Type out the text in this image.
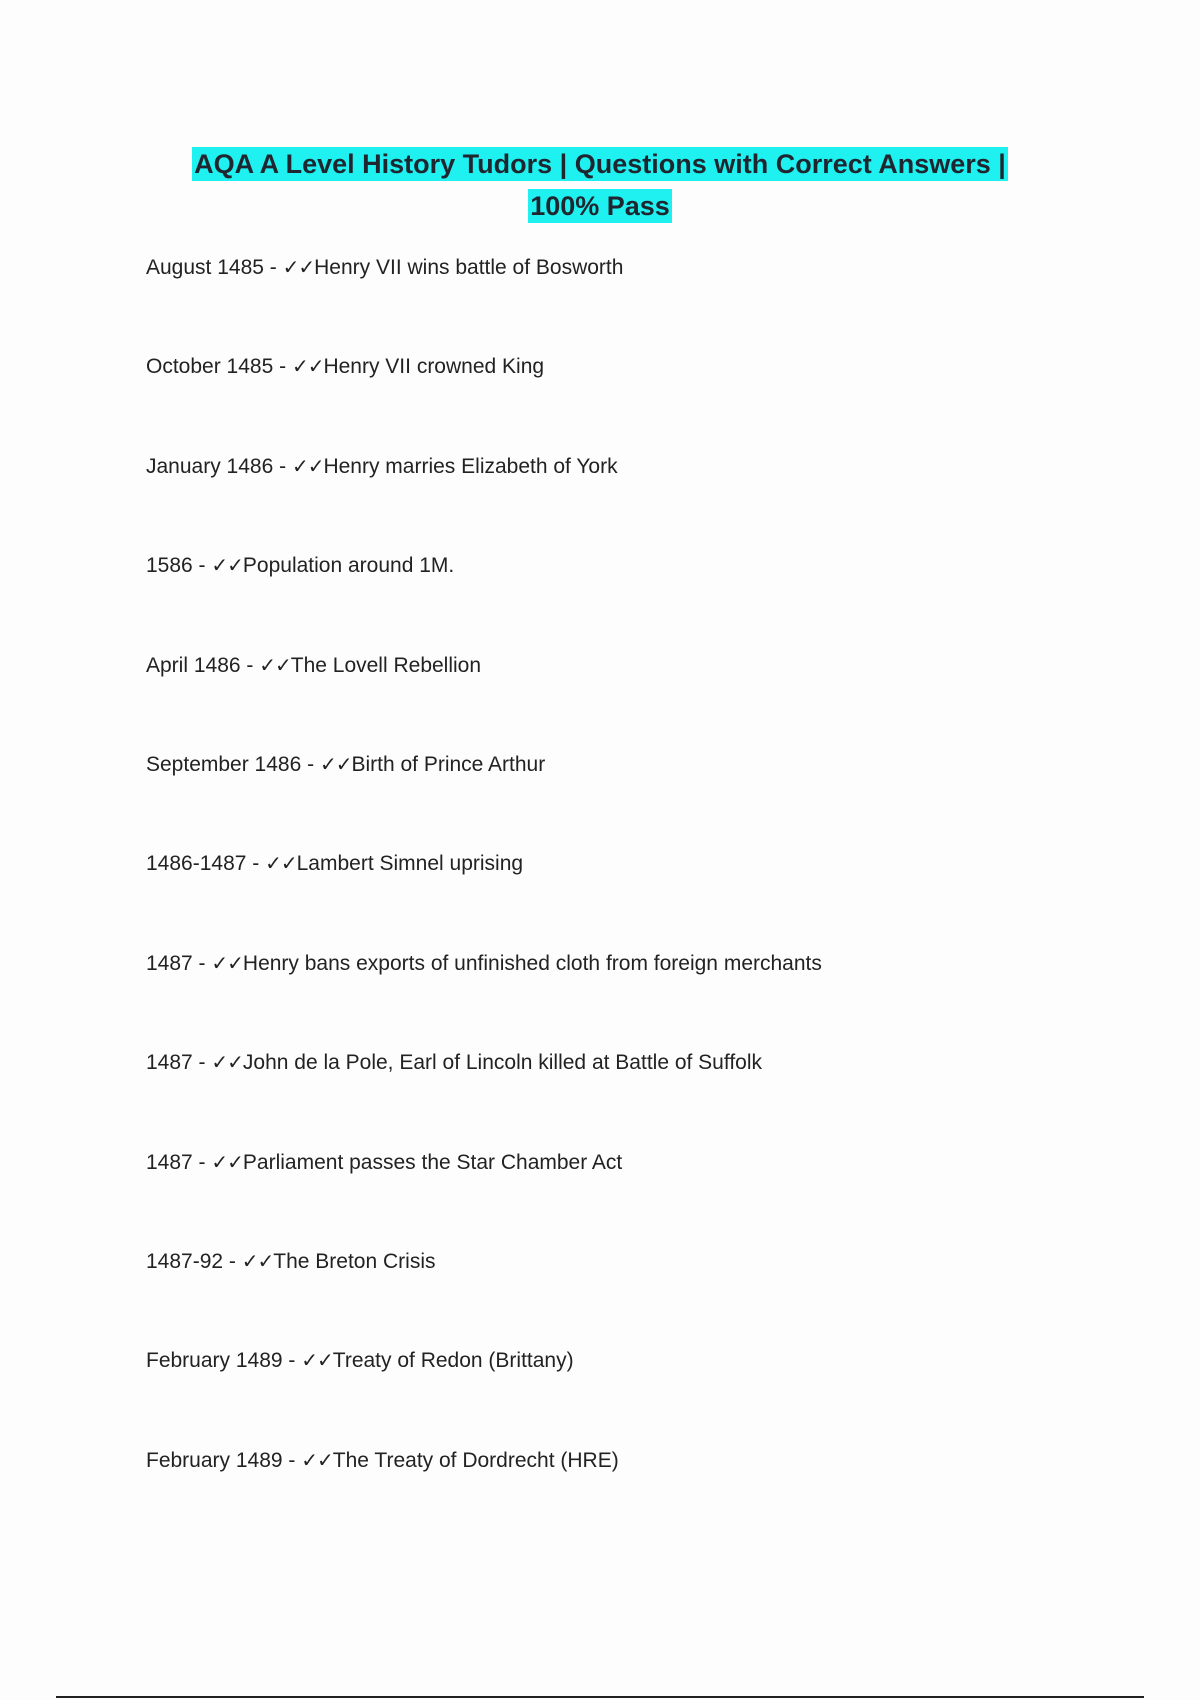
AQA A Level History Tudors | Questions with Correct Answers |
100% Pass
August 1485 - ✓✓Henry VII wins battle of Bosworth
October 1485 - ✓✓Henry VII crowned King
January 1486 - ✓✓Henry marries Elizabeth of York
1586 - ✓✓Population around 1M.
April 1486 - ✓✓The Lovell Rebellion
September 1486 - ✓✓Birth of Prince Arthur
1486-1487 - ✓✓Lambert Simnel uprising
1487 - ✓✓Henry bans exports of unfinished cloth from foreign merchants
1487 - ✓✓John de la Pole, Earl of Lincoln killed at Battle of Suffolk
1487 - ✓✓Parliament passes the Star Chamber Act
1487-92 - ✓✓The Breton Crisis
February 1489 - ✓✓Treaty of Redon (Brittany)
February 1489 - ✓✓The Treaty of Dordrecht (HRE)
